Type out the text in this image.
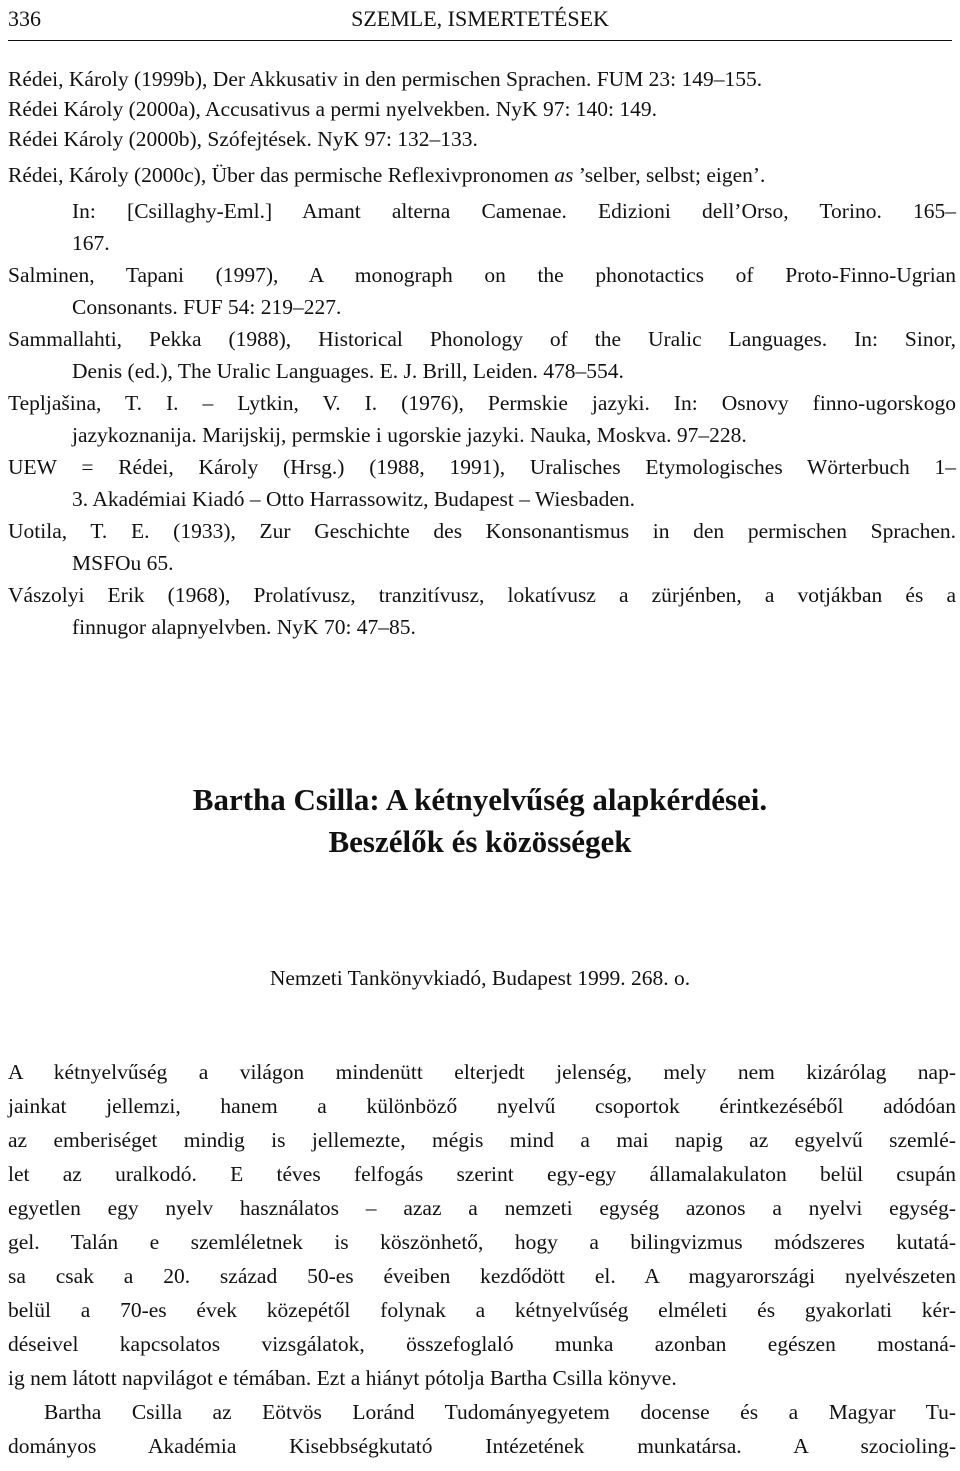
336	SZEMLE, ISMERTETÉSEK
Rédei, Károly (1999b), Der Akkusativ in den permischen Sprachen. FUM 23: 149–155.
Rédei Károly (2000a), Accusativus a permi nyelvekben. NyK 97: 140: 149.
Rédei Károly (2000b), Szófejtések. NyK 97: 132–133.
Rédei, Károly (2000c), Über das permische Reflexivpronomen as ’selber, selbst; eigen’.
In: [Csillaghy-Eml.] Amant alterna Camenae. Edizioni dell’Orso, Torino. 165–
167.
Salminen, Tapani (1997), A monograph on the phonotactics of Proto-Finno-Ugrian
Consonants. FUF 54: 219–227.
Sammallahti, Pekka (1988), Historical Phonology of the Uralic Languages. In: Sinor,
Denis (ed.), The Uralic Languages. E. J. Brill, Leiden. 478–554.
Tepljašina, T. I. – Lytkin, V. I. (1976), Permskie jazyki. In: Osnovy finno-ugorskogo
jazykoznanija. Marijskij, permskie i ugorskie jazyki. Nauka, Moskva. 97–228.
UEW = Rédei, Károly (Hrsg.) (1988, 1991), Uralisches Etymologisches Wörterbuch 1–
3. Akadémiai Kiadó – Otto Harrassowitz, Budapest – Wiesbaden.
Uotila, T. E. (1933), Zur Geschichte des Konsonantismus in den permischen Sprachen.
MSFOu 65.
Vászolyi Erik (1968), Prolatívusz, tranzitívusz, lokatívusz a zürjénben, a votjákban és a
finnugor alapnyelvben. NyK 70: 47–85.
Bartha Csilla: A kétnyelvűség alapkérdései.
Beszélők és közösségek
Nemzeti Tankönyvkiadó, Budapest 1999. 268. o.
A kétnyelvűség a világon mindenütt elterjedt jelenség, mely nem kizárólag nap-
jainkat jellemzi, hanem a különböző nyelvű csoportok érintkezéséből adódóan
az emberiséget mindig is jellemezte, mégis mind a mai napig az egyelvű szemlé-
let az uralkodó. E téves felfogás szerint egy-egy államalakulaton belül csupán
egyetlen egy nyelv használatos – azaz a nemzeti egység azonos a nyelvi egység-
gel. Talán e szemléletnek is köszönhető, hogy a bilingvizmus módszeres kutatá-
sa csak a 20. század 50-es éveiben kezdődött el. A magyarországi nyelvészeten
belül a 70-es évek közepétől folynak a kétnyelvűség elméleti és gyakorlati kér-
déseivel kapcsolatos vizsgálatok, összefoglaló munka azonban egészen mostaná-
ig nem látott napvilágot e témában. Ezt a hiányt pótolja Bartha Csilla könyve.
Bartha Csilla az Eötvös Loránd Tudományegyetem docense és a Magyar Tu-
dományos Akadémia Kisebbségkutató Intézetének munkatársa. A szocioling-
